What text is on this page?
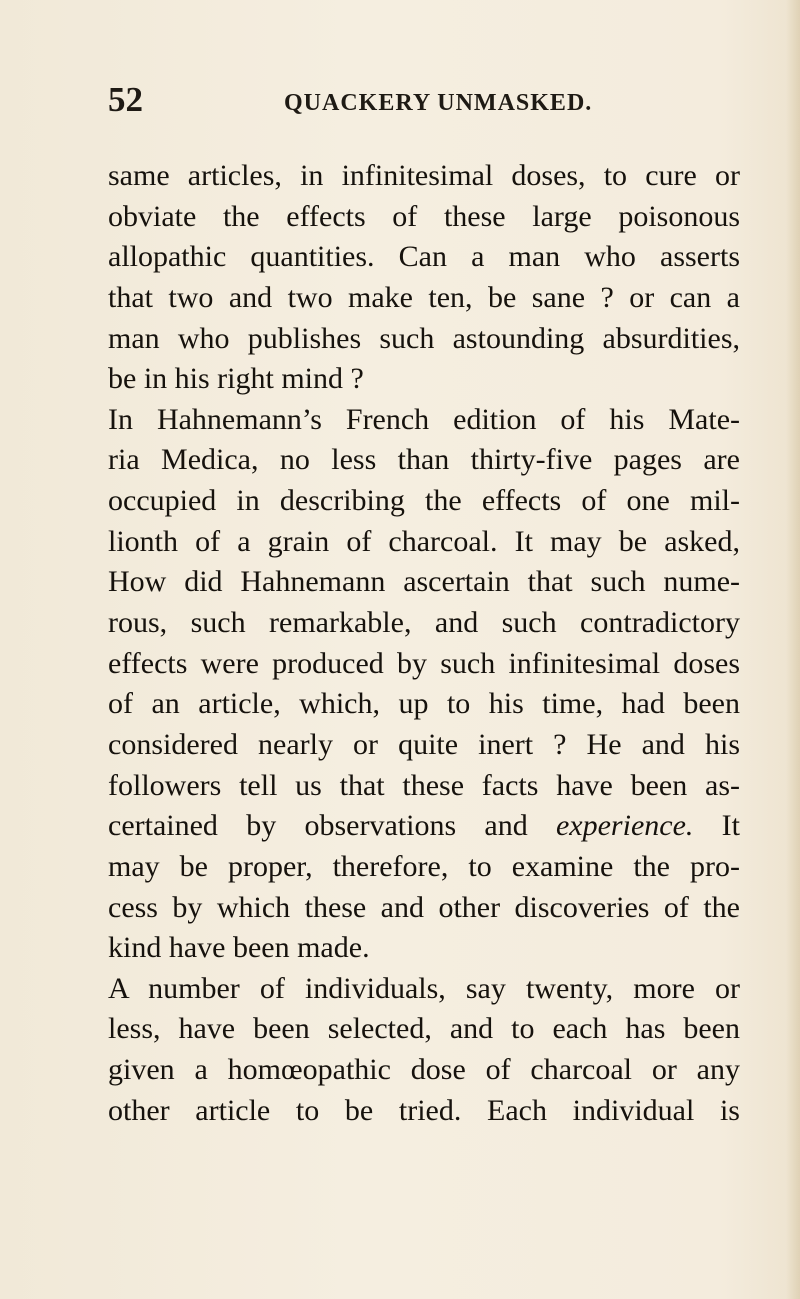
52	QUACKERY UNMASKED.
same articles, in infinitesimal doses, to cure or
obviate the effects of these large poisonous
allopathic quantities. Can a man who asserts
that two and two make ten, be sane ? or can a
man who publishes such astounding absurdities,
be in his right mind ?
In Hahnemann’s French edition of his Mate-
ria Medica, no less than thirty-five pages are
occupied in describing the effects of one mil-
lionth of a grain of charcoal. It may be asked,
How did Hahnemann ascertain that such nume-
rous, such remarkable, and such contradictory
effects were produced by such infinitesimal doses
of an article, which, up to his time, had been
considered nearly or quite inert ? He and his
followers tell us that these facts have been as-
certained by observations and experience. It
may be proper, therefore, to examine the pro-
cess by which these and other discoveries of the
kind have been made.
A number of individuals, say twenty, more or
less, have been selected, and to each has been
given a homœopathic dose of charcoal or any
other article to be tried. Each individual is
